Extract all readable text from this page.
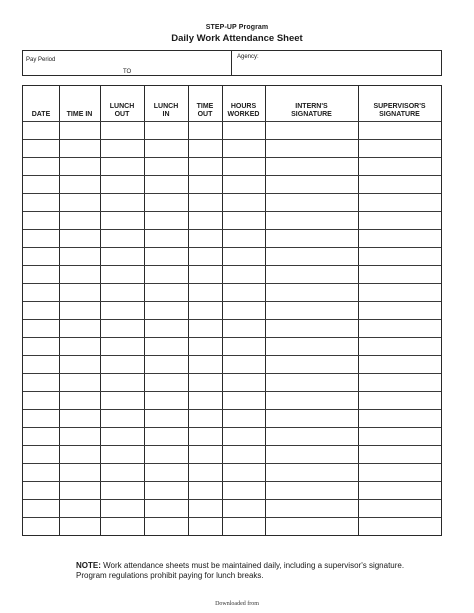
STEP-UP Program
Daily Work Attendance Sheet
Pay Period
TO
Agency:
DATE	TIME IN
LUNCH
OUT
LUNCH
IN
TIME
OUT
HOURS
WORKED
INTERN'S
SIGNATURE
SUPERVISOR'S
SIGNATURE
NOTE: Work attendance sheets must be maintained daily, including a supervisor's signature. Program regulations prohibit paying for lunch breaks.
Downloaded from
